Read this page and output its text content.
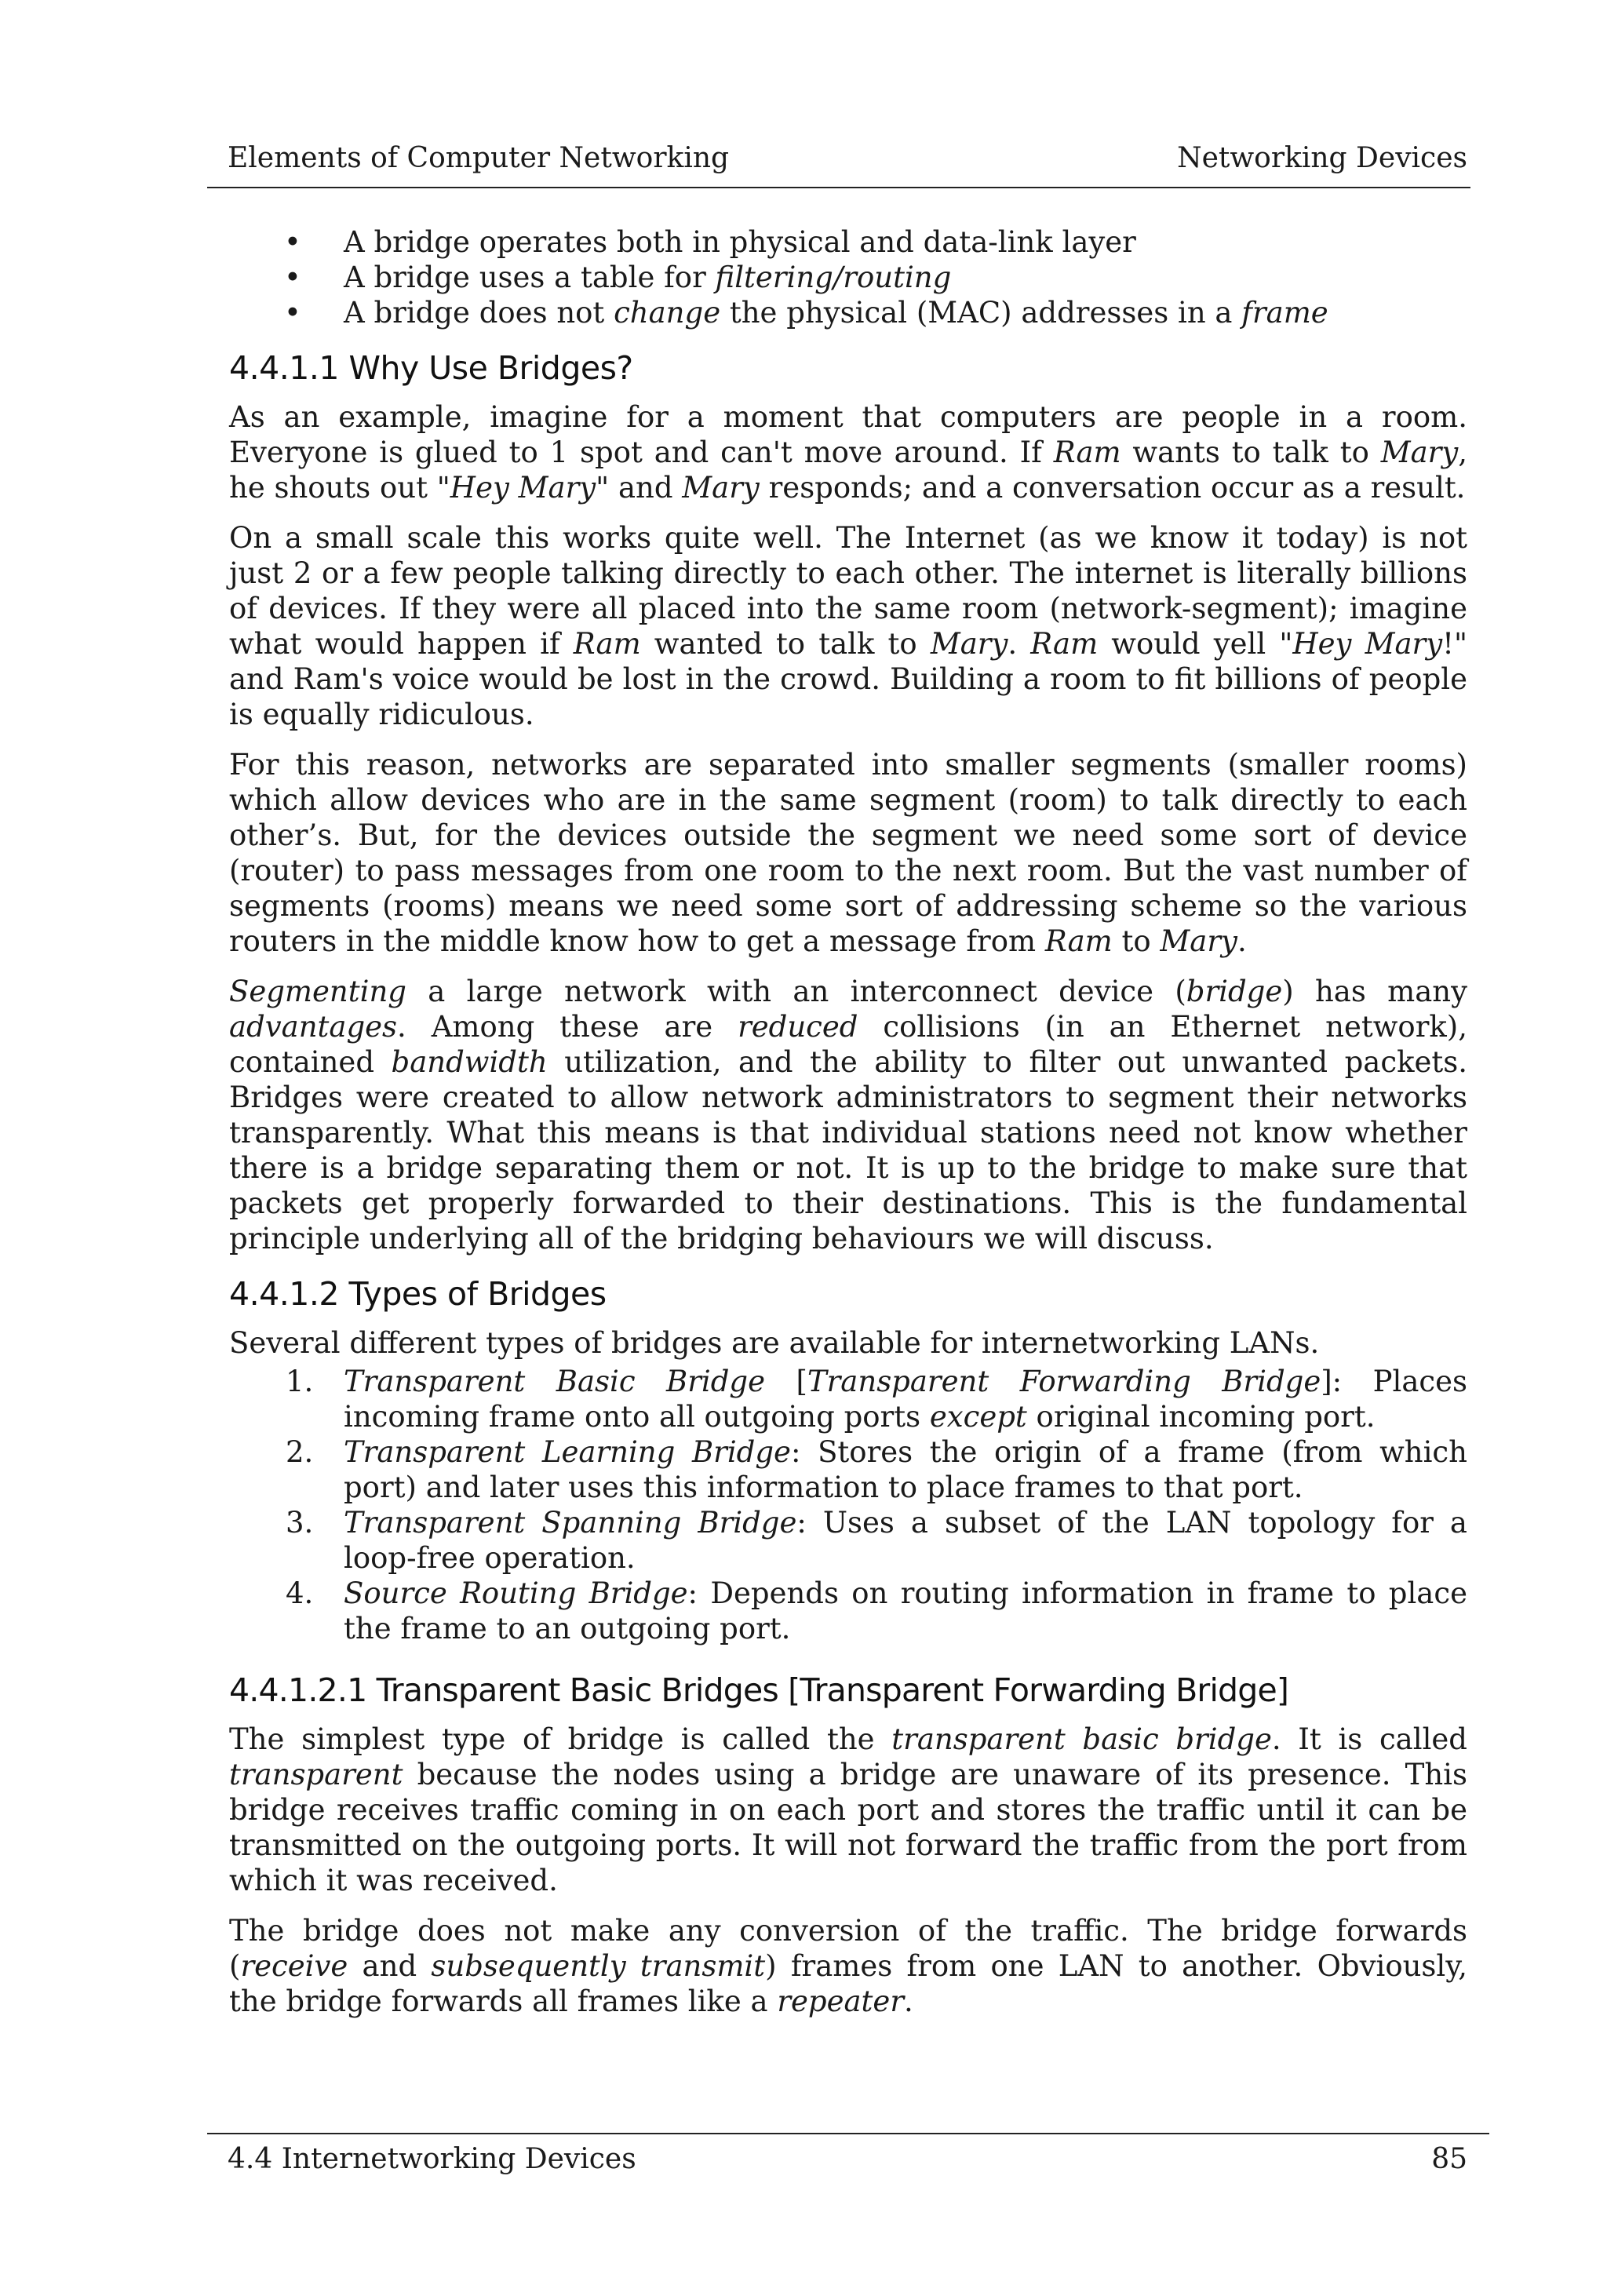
Elements of Computer Networking	Networking Devices
• A bridge operates both in physical and data-link layer
• A bridge uses a table for filtering/routing
• A bridge does not change the physical (MAC) addresses in a frame
4.4.1.1 Why Use Bridges?

As an example, imagine for a moment that computers are people in a room. Everyone is glued to 1 spot and can't move around. If Ram wants to talk to Mary, he shouts out "Hey Mary" and Mary responds; and a conversation occur as a result.

On a small scale this works quite well. The Internet (as we know it today) is not just 2 or a few people talking directly to each other. The internet is literally billions of devices. If they were all placed into the same room (network-segment); imagine what would happen if Ram wanted to talk to Mary. Ram would yell "Hey Mary!" and Ram's voice would be lost in the crowd. Building a room to fit billions of people is equally ridiculous.

For this reason, networks are separated into smaller segments (smaller rooms) which allow devices who are in the same segment (room) to talk directly to each other’s. But, for the devices outside the segment we need some sort of device (router) to pass messages from one room to the next room. But the vast number of segments (rooms) means we need some sort of addressing scheme so the various routers in the middle know how to get a message from Ram to Mary.

Segmenting a large network with an interconnect device (bridge) has many advantages. Among these are reduced collisions (in an Ethernet network), contained bandwidth utilization, and the ability to filter out unwanted packets. Bridges were created to allow network administrators to segment their networks transparently. What this means is that individual stations need not know whether there is a bridge separating them or not. It is up to the bridge to make sure that packets get properly forwarded to their destinations. This is the fundamental principle underlying all of the bridging behaviours we will discuss.

4.4.1.2 Types of Bridges

Several different types of bridges are available for internetworking LANs.

1. Transparent Basic Bridge [Transparent Forwarding Bridge]: Places incoming frame onto all outgoing ports except original incoming port.
2. Transparent Learning Bridge: Stores the origin of a frame (from which port) and later uses this information to place frames to that port.
3. Transparent Spanning Bridge: Uses a subset of the LAN topology for a loop-free operation.
4. Source Routing Bridge: Depends on routing information in frame to place the frame to an outgoing port.
4.4.1.2.1 Transparent Basic Bridges [Transparent Forwarding Bridge]

The simplest type of bridge is called the transparent basic bridge. It is called transparent because the nodes using a bridge are unaware of its presence. This bridge receives traffic coming in on each port and stores the traffic until it can be transmitted on the outgoing ports. It will not forward the traffic from the port from which it was received.

The bridge does not make any conversion of the traffic. The bridge forwards (receive and subsequently transmit) frames from one LAN to another. Obviously, the bridge forwards all frames like a repeater.

4.4 Internetworking Devices	85
